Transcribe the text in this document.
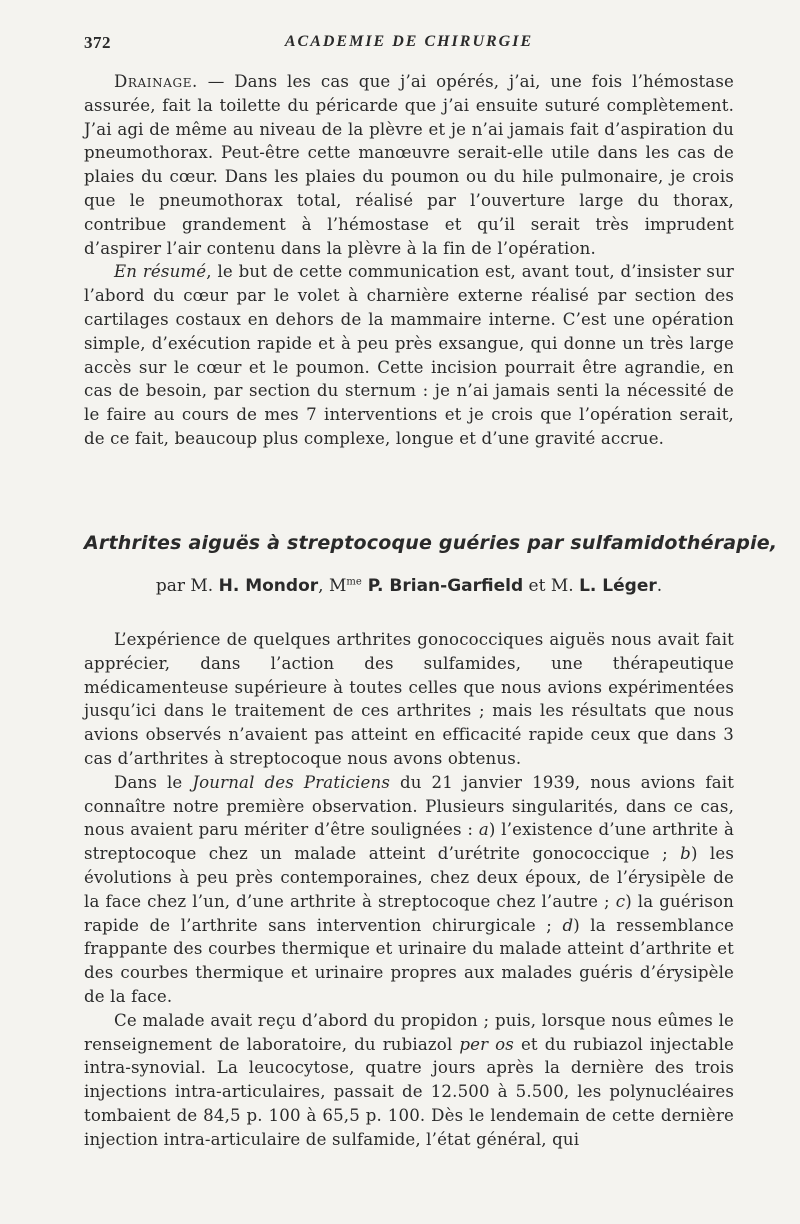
372	ACADEMIE DE CHIRURGIE

Drainage. — Dans les cas que j’ai opérés, j’ai, une fois l’hémostase assurée, fait la toilette du péricarde que j’ai ensuite suturé complètement. J’ai agi de même au niveau de la plèvre et je n’ai jamais fait d’aspiration du pneumothorax. Peut-être cette manœuvre serait-elle utile dans les cas de plaies du cœur. Dans les plaies du poumon ou du hile pulmonaire, je crois que le pneumothorax total, réalisé par l’ouverture large du thorax, contribue grandement à l’hémostase et qu’il serait très imprudent d’aspirer l’air contenu dans la plèvre à la fin de l’opération.

En résumé, le but de cette communication est, avant tout, d’insister sur l’abord du cœur par le volet à charnière externe réalisé par section des cartilages costaux en dehors de la mammaire interne. C’est une opération simple, d’exécution rapide et à peu près exsangue, qui donne un très large accès sur le cœur et le poumon. Cette incision pourrait être agrandie, en cas de besoin, par section du sternum : je n’ai jamais senti la nécessité de le faire au cours de mes 7 interventions et je crois que l’opération serait, de ce fait, beaucoup plus complexe, longue et d’une gravité accrue.

Arthrites aiguës à streptocoque guéries par sulfamidothérapie,
par M. H. Mondor, $M^{me}$ P. Brian-Garfield et M. L. Léger.

L’expérience de quelques arthrites gonococciques aiguës nous avait fait apprécier, dans l’action des sulfamides, une thérapeutique médicamenteuse supérieure à toutes celles que nous avions expérimentées jusqu’ici dans le traitement de ces arthrites ; mais les résultats que nous avions observés n’avaient pas atteint en efficacité rapide ceux que dans 3 cas d’arthrites à streptocoque nous avons obtenus.

Dans le Journal des Praticiens du 21 janvier 1939, nous avions fait connaître notre première observation. Plusieurs singularités, dans ce cas, nous avaient paru mériter d’être soulignées : a) l’existence d’une arthrite à streptocoque chez un malade atteint d’urétrite gonococcique ; b) les évolutions à peu près contemporaines, chez deux époux, de l’érysipèle de la face chez l’un, d’une arthrite à streptocoque chez l’autre ; c) la guérison rapide de l’arthrite sans intervention chirurgicale ; d) la ressemblance frappante des courbes thermique et urinaire du malade atteint d’arthrite et des courbes thermique et urinaire propres aux malades guéris d’érysipèle de la face.

Ce malade avait reçu d’abord du propidon ; puis, lorsque nous eûmes le renseignement de laboratoire, du rubiazol per os et du rubiazol injectable intra-synovial. La leucocytose, quatre jours après la dernière des trois injections intra-articulaires, passait de 12.500 à 5.500, les polynucléaires tombaient de 84,5 p. 100 à 65,5 p. 100. Dès le lendemain de cette dernière injection intra-articulaire de sulfamide, l’état général, qui
